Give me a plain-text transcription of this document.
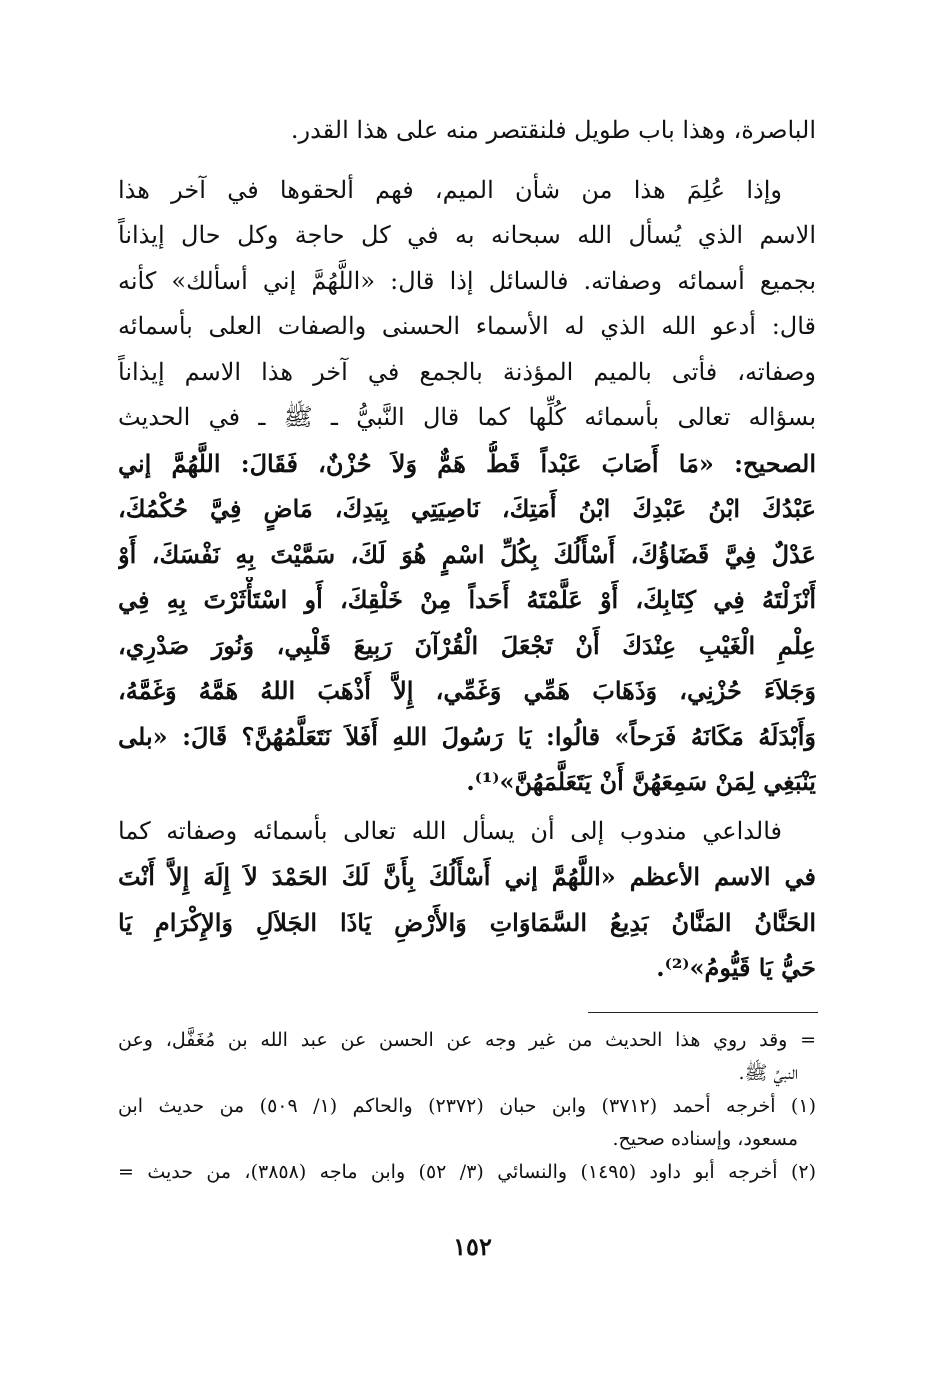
الباصرة، وهذا باب طويل فلنقتصر منه على هذا القدر.
وإذا عُلِمَ هذا من شأن الميم، فهم ألحقوها في آخر هذا
الاسم الذي يُسأل الله سبحانه به في كل حاجة وكل حال إيذاناً
بجميع أسمائه وصفاته. فالسائل إذا قال: «اللَّهُمَّ إني أسألك» كأنه
قال: أدعو الله الذي له الأسماء الحسنى والصفات العلى بأسمائه
وصفاته، فأتى بالميم المؤذنة بالجمع في آخر هذا الاسم إيذاناً
بسؤاله تعالى بأسمائه كُلِّها كما قال النَّبيُّ ـ ﷺ ـ في الحديث
الصحيح: «مَا أَصَابَ عَبْداً قَطُّ هَمٌّ وَلاَ حُزْنٌ، فَقَالَ: اللَّهُمَّ إني
عَبْدُكَ ابْنُ عَبْدِكَ ابْنُ أَمَتِكَ، نَاصِيَتِي بِيَدِكَ، مَاضٍ فِيَّ حُكْمُكَ،
عَدْلٌ فِيَّ قَضَاؤُكَ، أَسْأَلُكَ بِكُلِّ اسْمٍ هُوَ لَكَ، سَمَّيْتَ بِهِ نَفْسَكَ، أَوْ
أَنْزَلْتَهُ فِي كِتَابِكَ، أَوْ عَلَّمْتَهُ أَحَداً مِنْ خَلْقِكَ، أَو اسْتَأْثَرْتَ بِهِ فِي
عِلْمِ الْغَيْبِ عِنْدَكَ أَنْ تَجْعَلَ الْقُرْآنَ رَبِيعَ قَلْبِي، وَنُورَ صَدْرِي،
وَجَلاَءَ حُزْنِي، وَذَهَابَ هَمِّي وَغَمِّي، إِلاَّ أَذْهَبَ اللهُ هَمَّهُ وَغَمَّهُ،
وَأَبْدَلَهُ مَكَانَهُ فَرَحاً» قالُوا: يَا رَسُولَ اللهِ أَفَلاَ نَتَعَلَّمُهُنَّ؟ قَالَ: «بلى
يَنْبَغِي لِمَنْ سَمِعَهُنَّ أَنْ يَتَعَلَّمَهُنَّ»⁽¹⁾.
فالداعي مندوب إلى أن يسأل الله تعالى بأسمائه وصفاته كما
في الاسم الأعظم «اللَّهُمَّ إني أَسْأَلُكَ بِأَنَّ لَكَ الحَمْدَ لاَ إِلَهَ إِلاَّ أَنْتَ
الحَنَّانُ المَنَّانُ بَدِيعُ السَّمَاوَاتِ وَالأَرْضِ يَاذَا الجَلاَلِ وَالإِكْرَامِ يَا
حَيُّ يَا قَيُّومُ»⁽²⁾.
= وقد روي هذا الحديث من غير وجه عن الحسن عن عبد الله بن مُغَفَّل، وعن
النبيِّ ﷺ.
(١) أخرجه أحمد (٣٧١٢) وابن حبان (٢٣٧٢) والحاكم (١/ ٥٠٩) من حديث ابن
مسعود، وإسناده صحيح.
(٢) أخرجه أبو داود (١٤٩٥) والنسائي (٣/ ٥٢) وابن ماجه (٣٨٥٨)، من حديث =
١٥٢
